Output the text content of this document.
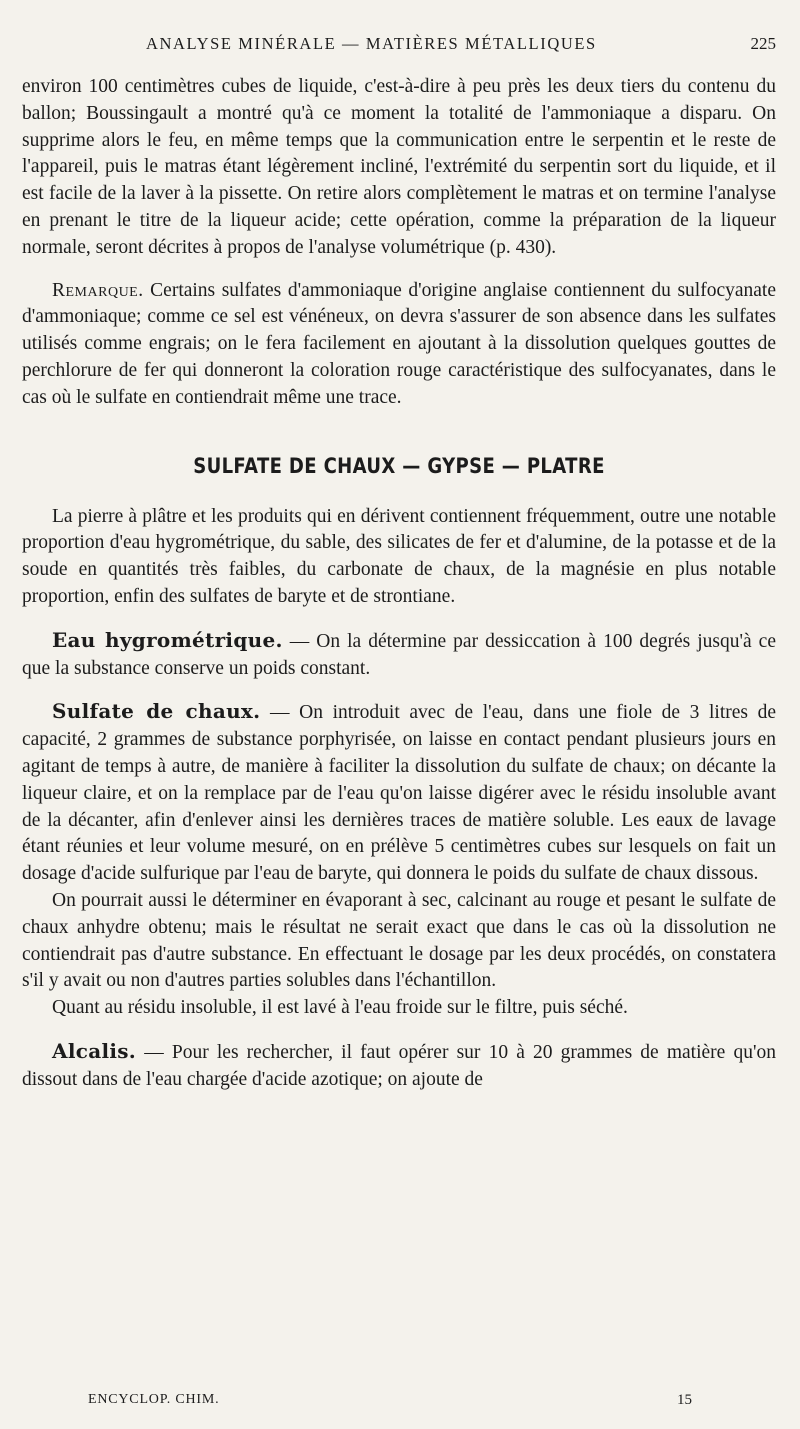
ANALYSE MINÉRALE — MATIÈRES MÉTALLIQUES	225

environ 100 centimètres cubes de liquide, c'est-à-dire à peu près les deux tiers du contenu du ballon; Boussingault a montré qu'à ce moment la totalité de l'ammoniaque a disparu. On supprime alors le feu, en même temps que la communication entre le serpentin et le reste de l'appareil, puis le matras étant légèrement incliné, l'extrémité du serpentin sort du liquide, et il est facile de la laver à la pissette. On retire alors complètement le matras et on termine l'analyse en prenant le titre de la liqueur acide; cette opération, comme la préparation de la liqueur normale, seront décrites à propos de l'analyse volumétrique (p. 430).

Remarque. Certains sulfates d'ammoniaque d'origine anglaise contiennent du sulfocyanate d'ammoniaque; comme ce sel est vénéneux, on devra s'assurer de son absence dans les sulfates utilisés comme engrais; on le fera facilement en ajoutant à la dissolution quelques gouttes de perchlorure de fer qui donneront la coloration rouge caractéristique des sulfocyanates, dans le cas où le sulfate en contiendrait même une trace.

SULFATE DE CHAUX — GYPSE — PLATRE

La pierre à plâtre et les produits qui en dérivent contiennent fréquemment, outre une notable proportion d'eau hygrométrique, du sable, des silicates de fer et d'alumine, de la potasse et de la soude en quantités très faibles, du carbonate de chaux, de la magnésie en plus notable proportion, enfin des sulfates de baryte et de strontiane.

Eau hygrométrique. — On la détermine par dessiccation à 100 degrés jusqu'à ce que la substance conserve un poids constant.

Sulfate de chaux. — On introduit avec de l'eau, dans une fiole de 3 litres de capacité, 2 grammes de substance porphyrisée, on laisse en contact pendant plusieurs jours en agitant de temps à autre, de manière à faciliter la dissolution du sulfate de chaux; on décante la liqueur claire, et on la remplace par de l'eau qu'on laisse digérer avec le résidu insoluble avant de la décanter, afin d'enlever ainsi les dernières traces de matière soluble. Les eaux de lavage étant réunies et leur volume mesuré, on en prélève 5 centimètres cubes sur lesquels on fait un dosage d'acide sulfurique par l'eau de baryte, qui donnera le poids du sulfate de chaux dissous.

On pourrait aussi le déterminer en évaporant à sec, calcinant au rouge et pesant le sulfate de chaux anhydre obtenu; mais le résultat ne serait exact que dans le cas où la dissolution ne contiendrait pas d'autre substance. En effectuant le dosage par les deux procédés, on constatera s'il y avait ou non d'autres parties solubles dans l'échantillon.

Quant au résidu insoluble, il est lavé à l'eau froide sur le filtre, puis séché.

Alcalis. — Pour les rechercher, il faut opérer sur 10 à 20 grammes de matière qu'on dissout dans de l'eau chargée d'acide azotique; on ajoute de

ENCYCLOP. CHIM.	15
